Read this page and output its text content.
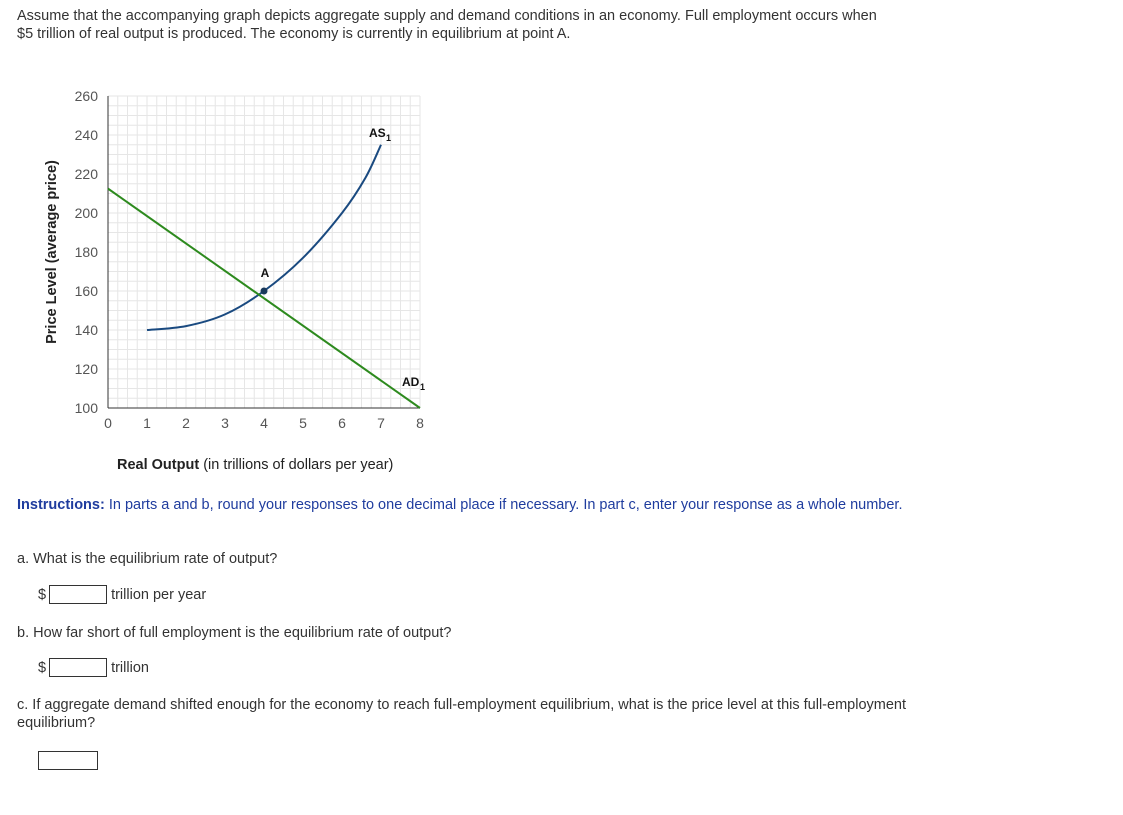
Assume that the accompanying graph depicts aggregate supply and demand conditions in an economy. Full employment occurs when

$5 trillion of real output is produced. The economy is currently in equilibrium at point A.

0 1 2 3 4 5 6 7 8
100
120
140
160
180
200
220
240
260
Price Level (average price)
AS 1
AD 1
A
Real Output (in trillions of dollars per year)
Instructions: In parts a and b, round your responses to one decimal place if necessary. In part c, enter your response as a whole number.
a. What is the equilibrium rate of output?
$	trillion per year
b. How far short of full employment is the equilibrium rate of output?
$	trillion
c. If aggregate demand shifted enough for the economy to reach full-employment equilibrium, what is the price level at this full-employment equilibrium?
